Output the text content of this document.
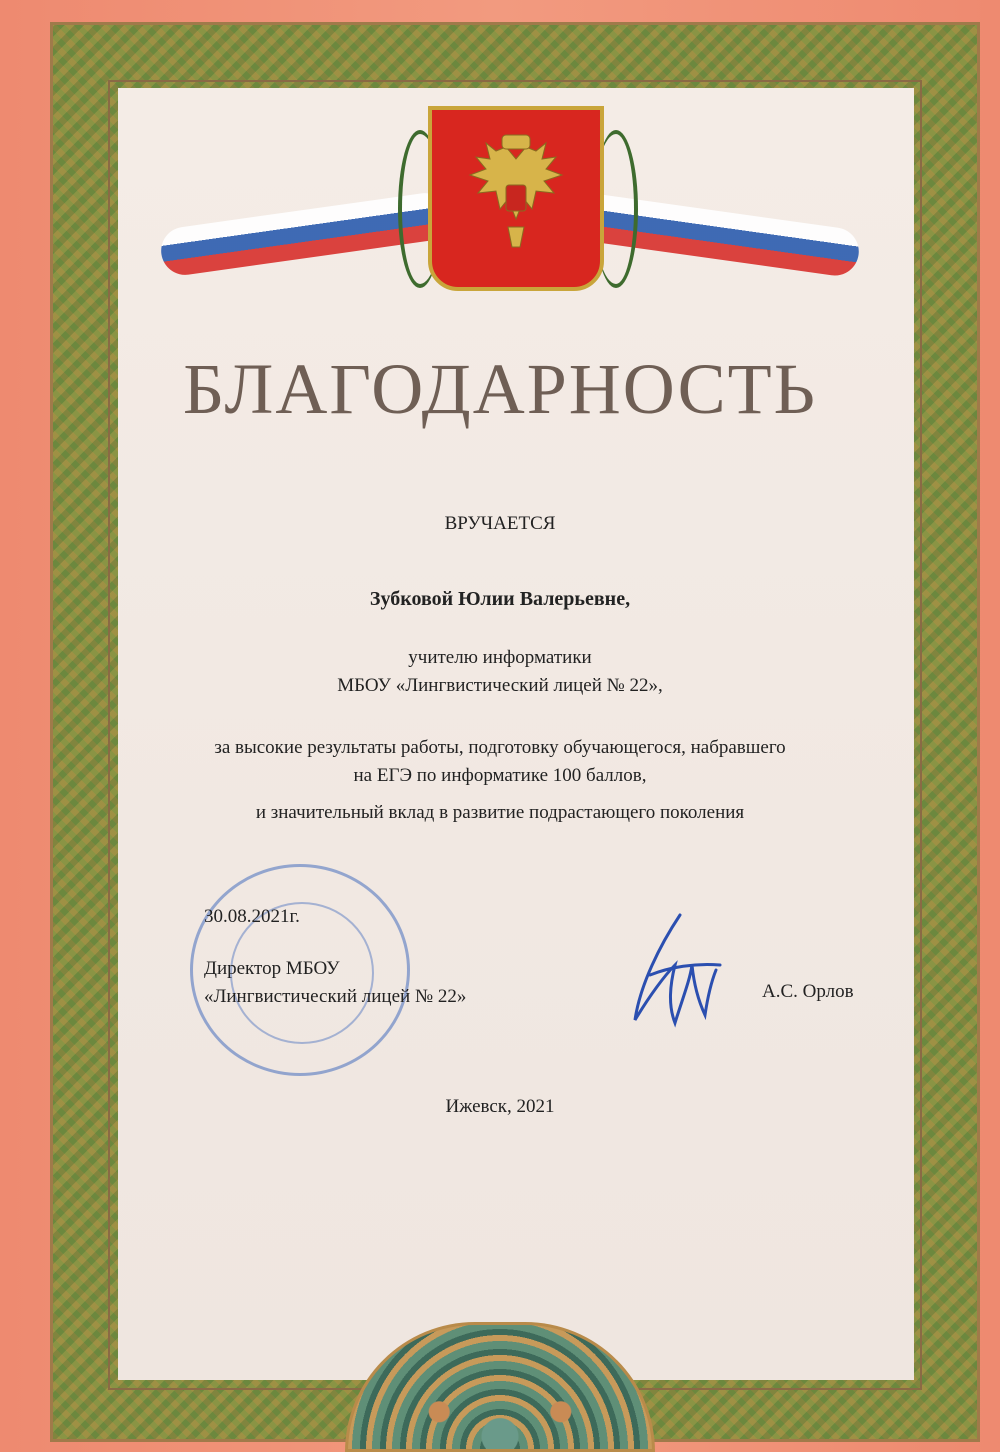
БЛАГОДАРНОСТЬ
ВРУЧАЕТСЯ
Зубковой Юлии Валерьевне,
учителю информатики
МБОУ «Лингвистический лицей № 22»,
за высокие результаты работы, подготовку обучающегося, набравшего
на ЕГЭ по информатике 100 баллов,
и значительный вклад в развитие подрастающего поколения
30.08.2021г.
Директор МБОУ
«Лингвистический лицей № 22»	А.С. Орлов
Ижевск, 2021
